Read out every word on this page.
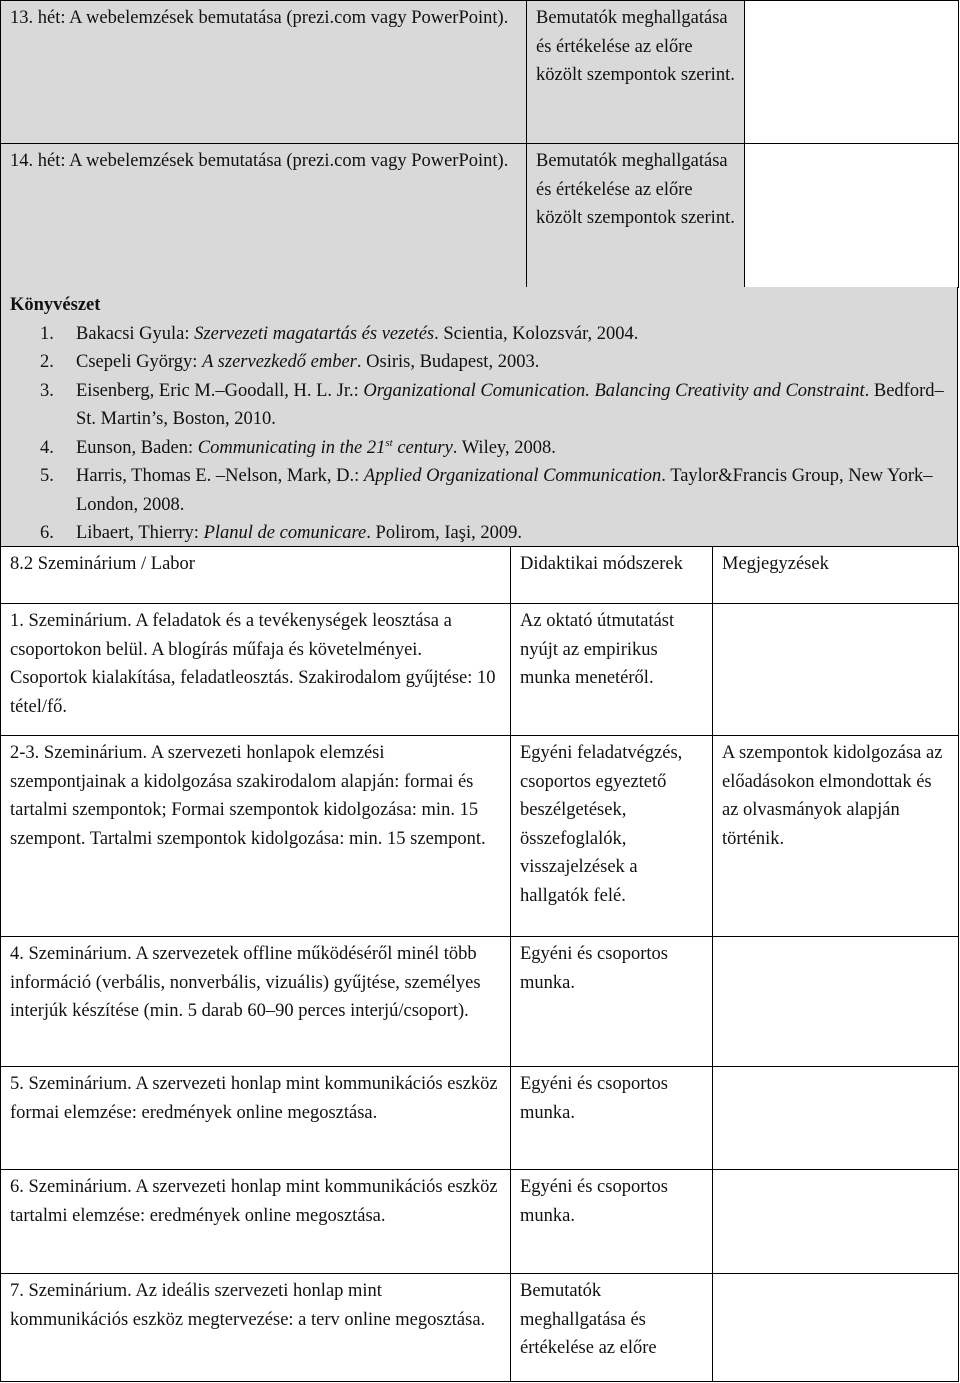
13. hét: A webelemzések bemutatása (prezi.com vagy PowerPoint).	Bemutatók meghallgatása és értékelése az előre közölt szempontok szerint.	
14. hét: A webelemzések bemutatása (prezi.com vagy PowerPoint).	Bemutatók meghallgatása és értékelése az előre közölt szempontok szerint.	
Könyvészet
1. Bakacsi Gyula: Szervezeti magatartás és vezetés. Scientia, Kolozsvár, 2004.
2. Csepeli György: A szervezkedő ember. Osiris, Budapest, 2003.
3. Eisenberg, Eric M.–Goodall, H. L. Jr.: Organizational Comunication. Balancing Creativity and Constraint. Bedford–St. Martin’s, Boston, 2010.
4. Eunson, Baden: Communicating in the 21st century. Wiley, 2008.
5. Harris, Thomas E. –Nelson, Mark, D.: Applied Organizational Communication. Taylor&Francis Group, New York–London, 2008.
6. Libaert, Thierry: Planul de comunicare. Polirom, Iaşi, 2009.
8.2 Szeminárium / Labor	Didaktikai módszerek	Megjegyzések
1. Szeminárium. A feladatok és a tevékenységek leosztása a csoportokon belül. A blogírás műfaja és követelményei. Csoportok kialakítása, feladatleosztás. Szakirodalom gyűjtése: 10 tétel/fő.	Az oktató útmutatást nyújt az empirikus munka menetéről.	
2-3. Szeminárium. A szervezeti honlapok elemzési szempontjainak a kidolgozása szakirodalom alapján: formai és tartalmi szempontok; Formai szempontok kidolgozása: min. 15 szempont. Tartalmi szempontok kidolgozása: min. 15 szempont.	Egyéni feladatvégzés, csoportos egyeztető beszélgetések, összefoglalók, visszajelzések a hallgatók felé.	A szempontok kidolgozása az előadásokon elmondottak és az olvasmányok alapján történik.
4. Szeminárium. A szervezetek offline működéséről minél több információ (verbális, nonverbális, vizuális) gyűjtése, személyes interjúk készítése (min. 5 darab 60–90 perces interjú/csoport).	Egyéni és csoportos munka.	
5. Szeminárium. A szervezeti honlap mint kommunikációs eszköz formai elemzése: eredmények online megosztása.	Egyéni és csoportos munka.	
6. Szeminárium. A szervezeti honlap mint kommunikációs eszköz tartalmi elemzése: eredmények online megosztása.	Egyéni és csoportos munka.	
7. Szeminárium. Az ideális szervezeti honlap mint kommunikációs eszköz megtervezése: a terv online megosztása.	Bemutatók meghallgatása és értékelése az előre	
